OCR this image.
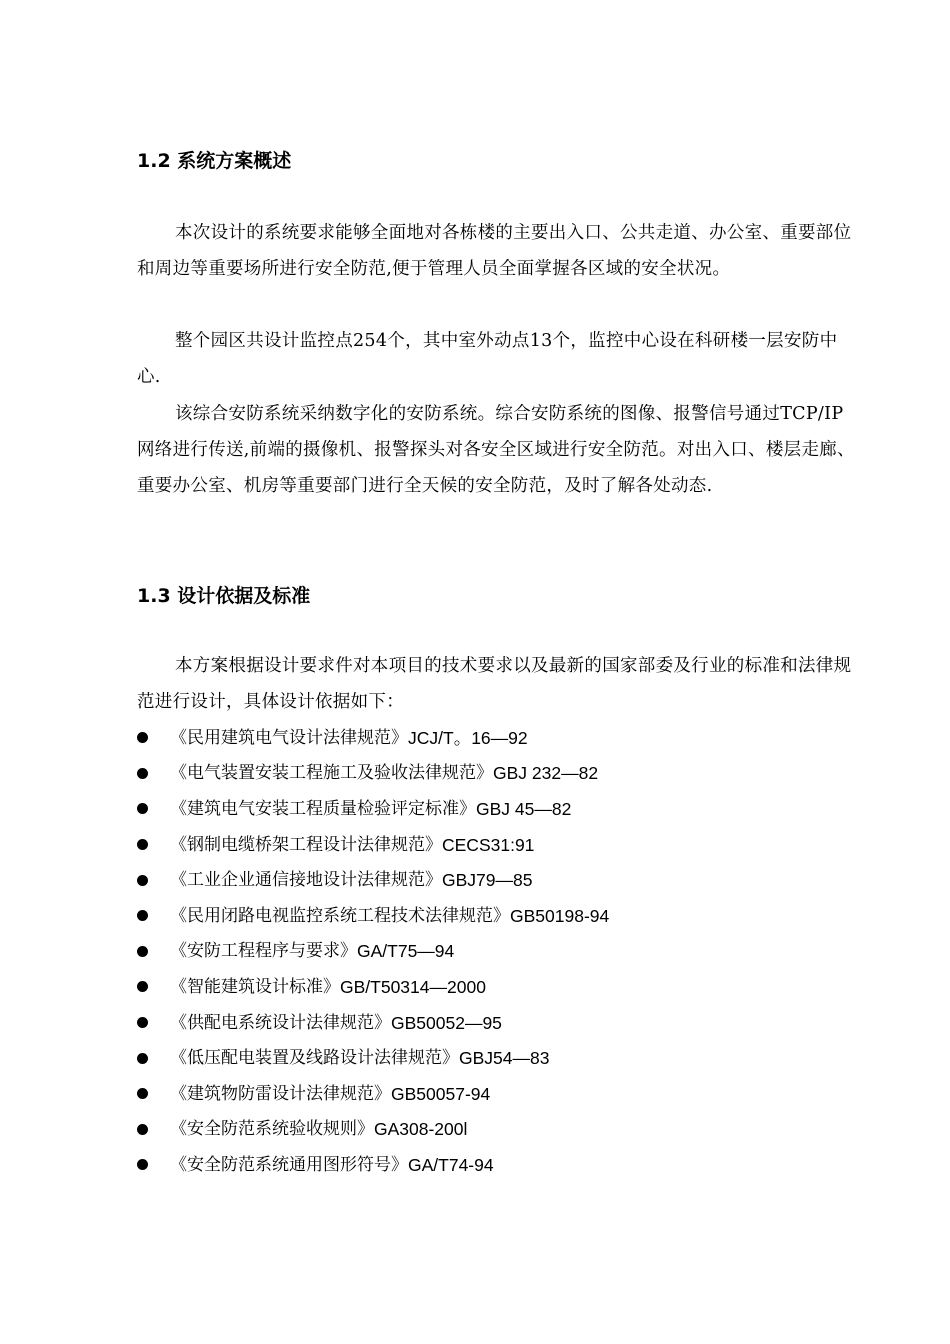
1.2 系统方案概述

本次设计的系统要求能够全面地对各栋楼的主要出入口、公共走道、办公室、重要部位和周边等重要场所进行安全防范,便于管理人员全面掌握各区域的安全状况。

整个园区共设计监控点254个，其中室外动点13个，监控中心设在科研楼一层安防中心.

该综合安防系统采纳数字化的安防系统。综合安防系统的图像、报警信号通过TCP/IP网络进行传送,前端的摄像机、报警探头对各安全区域进行安全防范。对出入口、楼层走廊、重要办公室、机房等重要部门进行全天候的安全防范，及时了解各处动态.

1.3 设计依据及标准

本方案根据设计要求件对本项目的技术要求以及最新的国家部委及行业的标准和法律规范进行设计，具体设计依据如下：

《民用建筑电气设计法律规范》 JCJ/T。16—92
《电气装置安装工程施工及验收法律规范》 GBJ 232—82
《建筑电气安装工程质量检验评定标准》 GBJ 45—82
《钢制电缆桥架工程设计法律规范》 CECS31:91
《工业企业通信接地设计法律规范》 GBJ79—85
《民用闭路电视监控系统工程技术法律规范》 GB50198-94
《安防工程程序与要求》 GA/T75—94
《智能建筑设计标准》 GB/T50314—2000
《供配电系统设计法律规范》 GB50052—95
《低压配电装置及线路设计法律规范》 GBJ54—83
《建筑物防雷设计法律规范》 GB50057-94
《安全防范系统验收规则》 GA308-200l
《安全防范系统通用图形符号》 GA/T74-94
